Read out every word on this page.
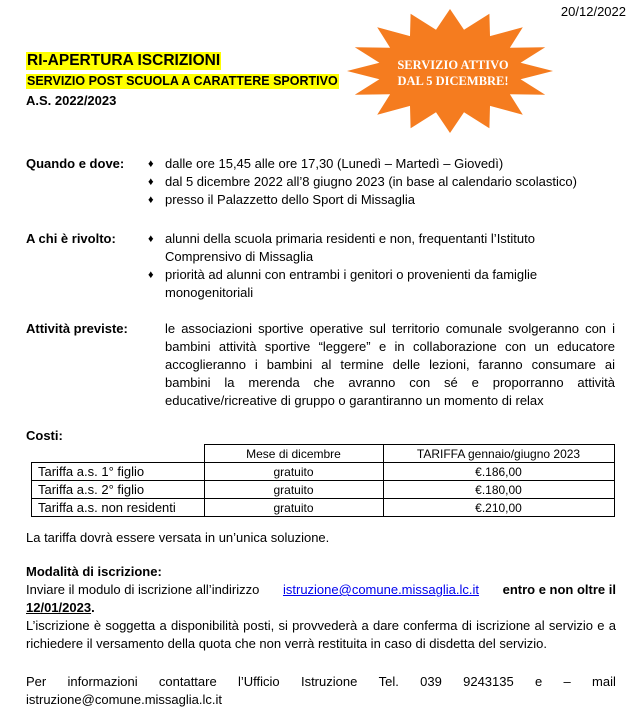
20/12/2022
RI-APERTURA ISCRIZIONI
SERVIZIO POST SCUOLA A CARATTERE SPORTIVO
A.S. 2022/2023
SERVIZIO ATTIVO
DAL 5 DICEMBRE!
Quando e dove: ♦ dalle ore 15,45 alle ore 17,30 (Lunedì – Martedì – Giovedì)
♦ dal 5 dicembre 2022 all’8 giugno 2023 (in base al calendario scolastico)
♦ presso il Palazzetto dello Sport di Missaglia
A chi è rivolto:	♦ alunni della scuola primaria residenti e non, frequentanti l’Istituto Comprensivo di Missaglia
♦ priorità ad alunni con entrambi i genitori o provenienti da famiglie monogenitoriali
Attività previste:	le associazioni sportive operative sul territorio comunale svolgeranno con i bambini attività sportive “leggere” e in collaborazione con un educatore accoglieranno i bambini al termine delle lezioni, faranno consumare ai bambini la merenda che avranno con sé e proporranno attività educative/ricreative di gruppo o garantiranno un momento di relax
Costi:
	Mese di dicembre	TARIFFA gennaio/giugno 2023
Tariffa a.s. 1° figlio	gratuito	€.186,00
Tariffa a.s. 2° figlio	gratuito	€.180,00
Tariffa a.s. non residenti	gratuito	€.210,00
La tariffa dovrà essere versata in un’unica soluzione.
Modalità di iscrizione:
Inviare il modulo di iscrizione all’indirizzo istruzione@comune.missaglia.lc.it entro e non oltre il
12/01/2023.
L’iscrizione è soggetta a disponibilità posti, si provvederà a dare conferma di iscrizione al servizio e a richiedere il versamento della quota che non verrà restituita in caso di disdetta del servizio.
Per informazioni contattare l’Ufficio Istruzione Tel. 039 9243135 e – mail
istruzione@comune.missaglia.lc.it
